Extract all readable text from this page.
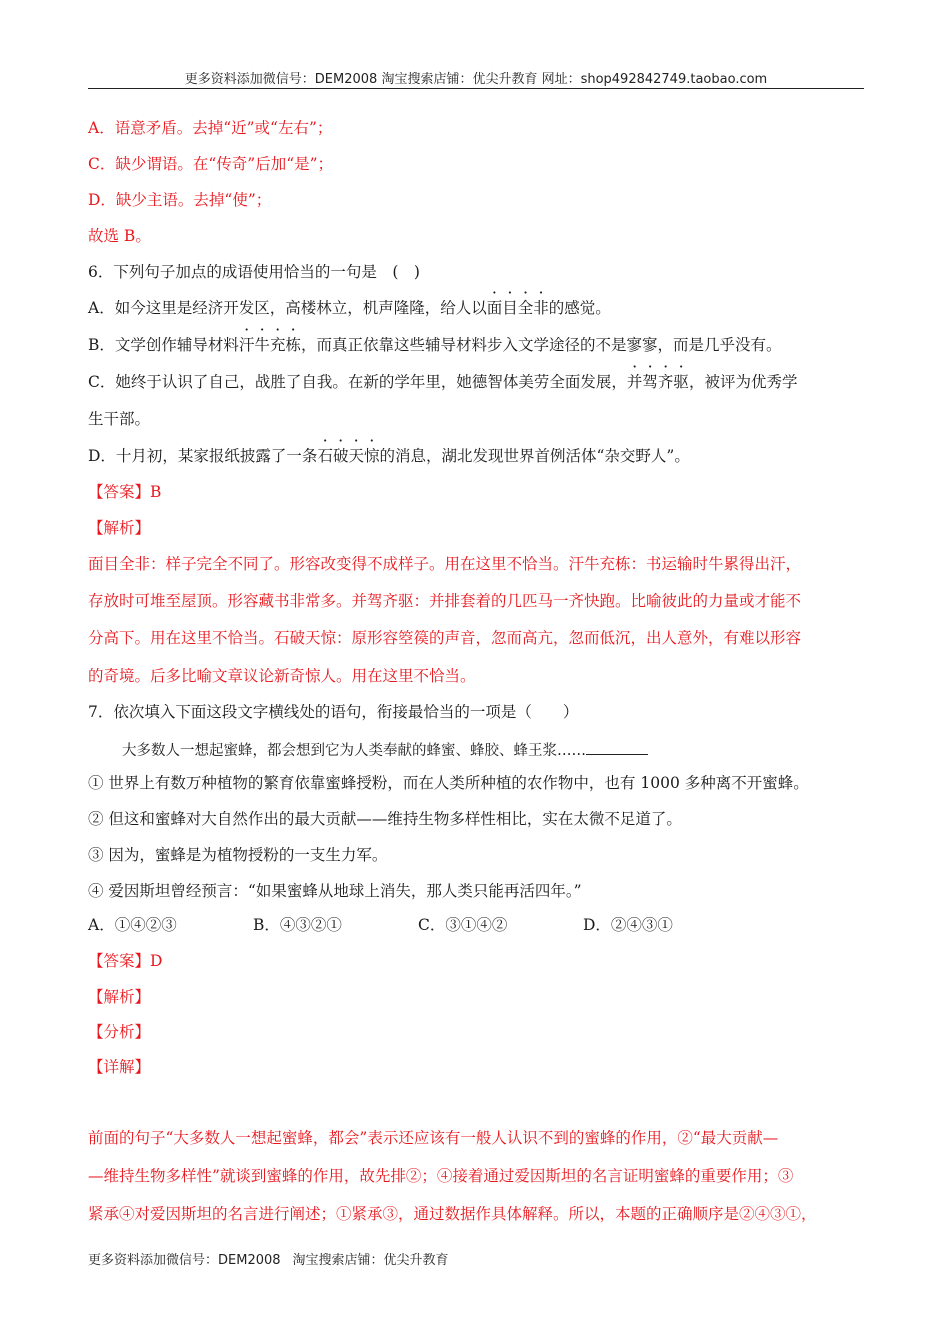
更多资料添加微信号：DEM2008 淘宝搜索店铺：优尖升教育 网址：shop492842749.taobao.com
A．语意矛盾。去掉“近”或“左右”；
C．缺少谓语。在“传奇”后加“是”；
D．缺少主语。去掉“使”；
故选 B。
6．下列句子加点的成语使用恰当的一句是　(　)
A．如今这里是经济开发区，高楼林立，机声隆隆，给人以面目全非的感觉。
B．文学创作辅导材料汗牛充栋，而真正依靠这些辅导材料步入文学途径的不是寥寥，而是几乎没有。
C．她终于认识了自己，战胜了自我。在新的学年里，她德智体美劳全面发展，并驾齐驱，被评为优秀学
生干部。
D．十月初，某家报纸披露了一条石破天惊的消息，湖北发现世界首例活体“杂交野人”。
【答案】B
【解析】
面目全非：样子完全不同了。形容改变得不成样子。用在这里不恰当。汗牛充栋：书运输时牛累得出汗，
存放时可堆至屋顶。形容藏书非常多。并驾齐驱：并排套着的几匹马一齐快跑。比喻彼此的力量或才能不
分高下。用在这里不恰当。石破天惊：原形容箜篌的声音，忽而高亢，忽而低沉，出人意外，有难以形容
的奇境。后多比喻文章议论新奇惊人。用在这里不恰当。
7．依次填入下面这段文字横线处的语句，衔接最恰当的一项是（　　）
大多数人一想起蜜蜂，都会想到它为人类奉献的蜂蜜、蜂胶、蜂王浆……
① 世界上有数万种植物的繁育依靠蜜蜂授粉，而在人类所种植的农作物中，也有 1000 多种离不开蜜蜂。
② 但这和蜜蜂对大自然作出的最大贡献——维持生物多样性相比，实在太微不足道了。
③ 因为，蜜蜂是为植物授粉的一支生力军。
④ 爱因斯坦曾经预言：“如果蜜蜂从地球上消失，那人类只能再活四年。”
A．①④②③	B．④③②①	C．③①④②	D．②④③①
【答案】D
【解析】
【分析】
【详解】
前面的句子“大多数人一想起蜜蜂，都会”表示还应该有一般人认识不到的蜜蜂的作用，②“最大贡献—
—维持生物多样性”就谈到蜜蜂的作用，故先排②；④接着通过爱因斯坦的名言证明蜜蜂的重要作用；③
紧承④对爱因斯坦的名言进行阐述；①紧承③，通过数据作具体解释。所以，本题的正确顺序是②④③①，
更多资料添加微信号：DEM2008 淘宝搜索店铺：优尖升教育
